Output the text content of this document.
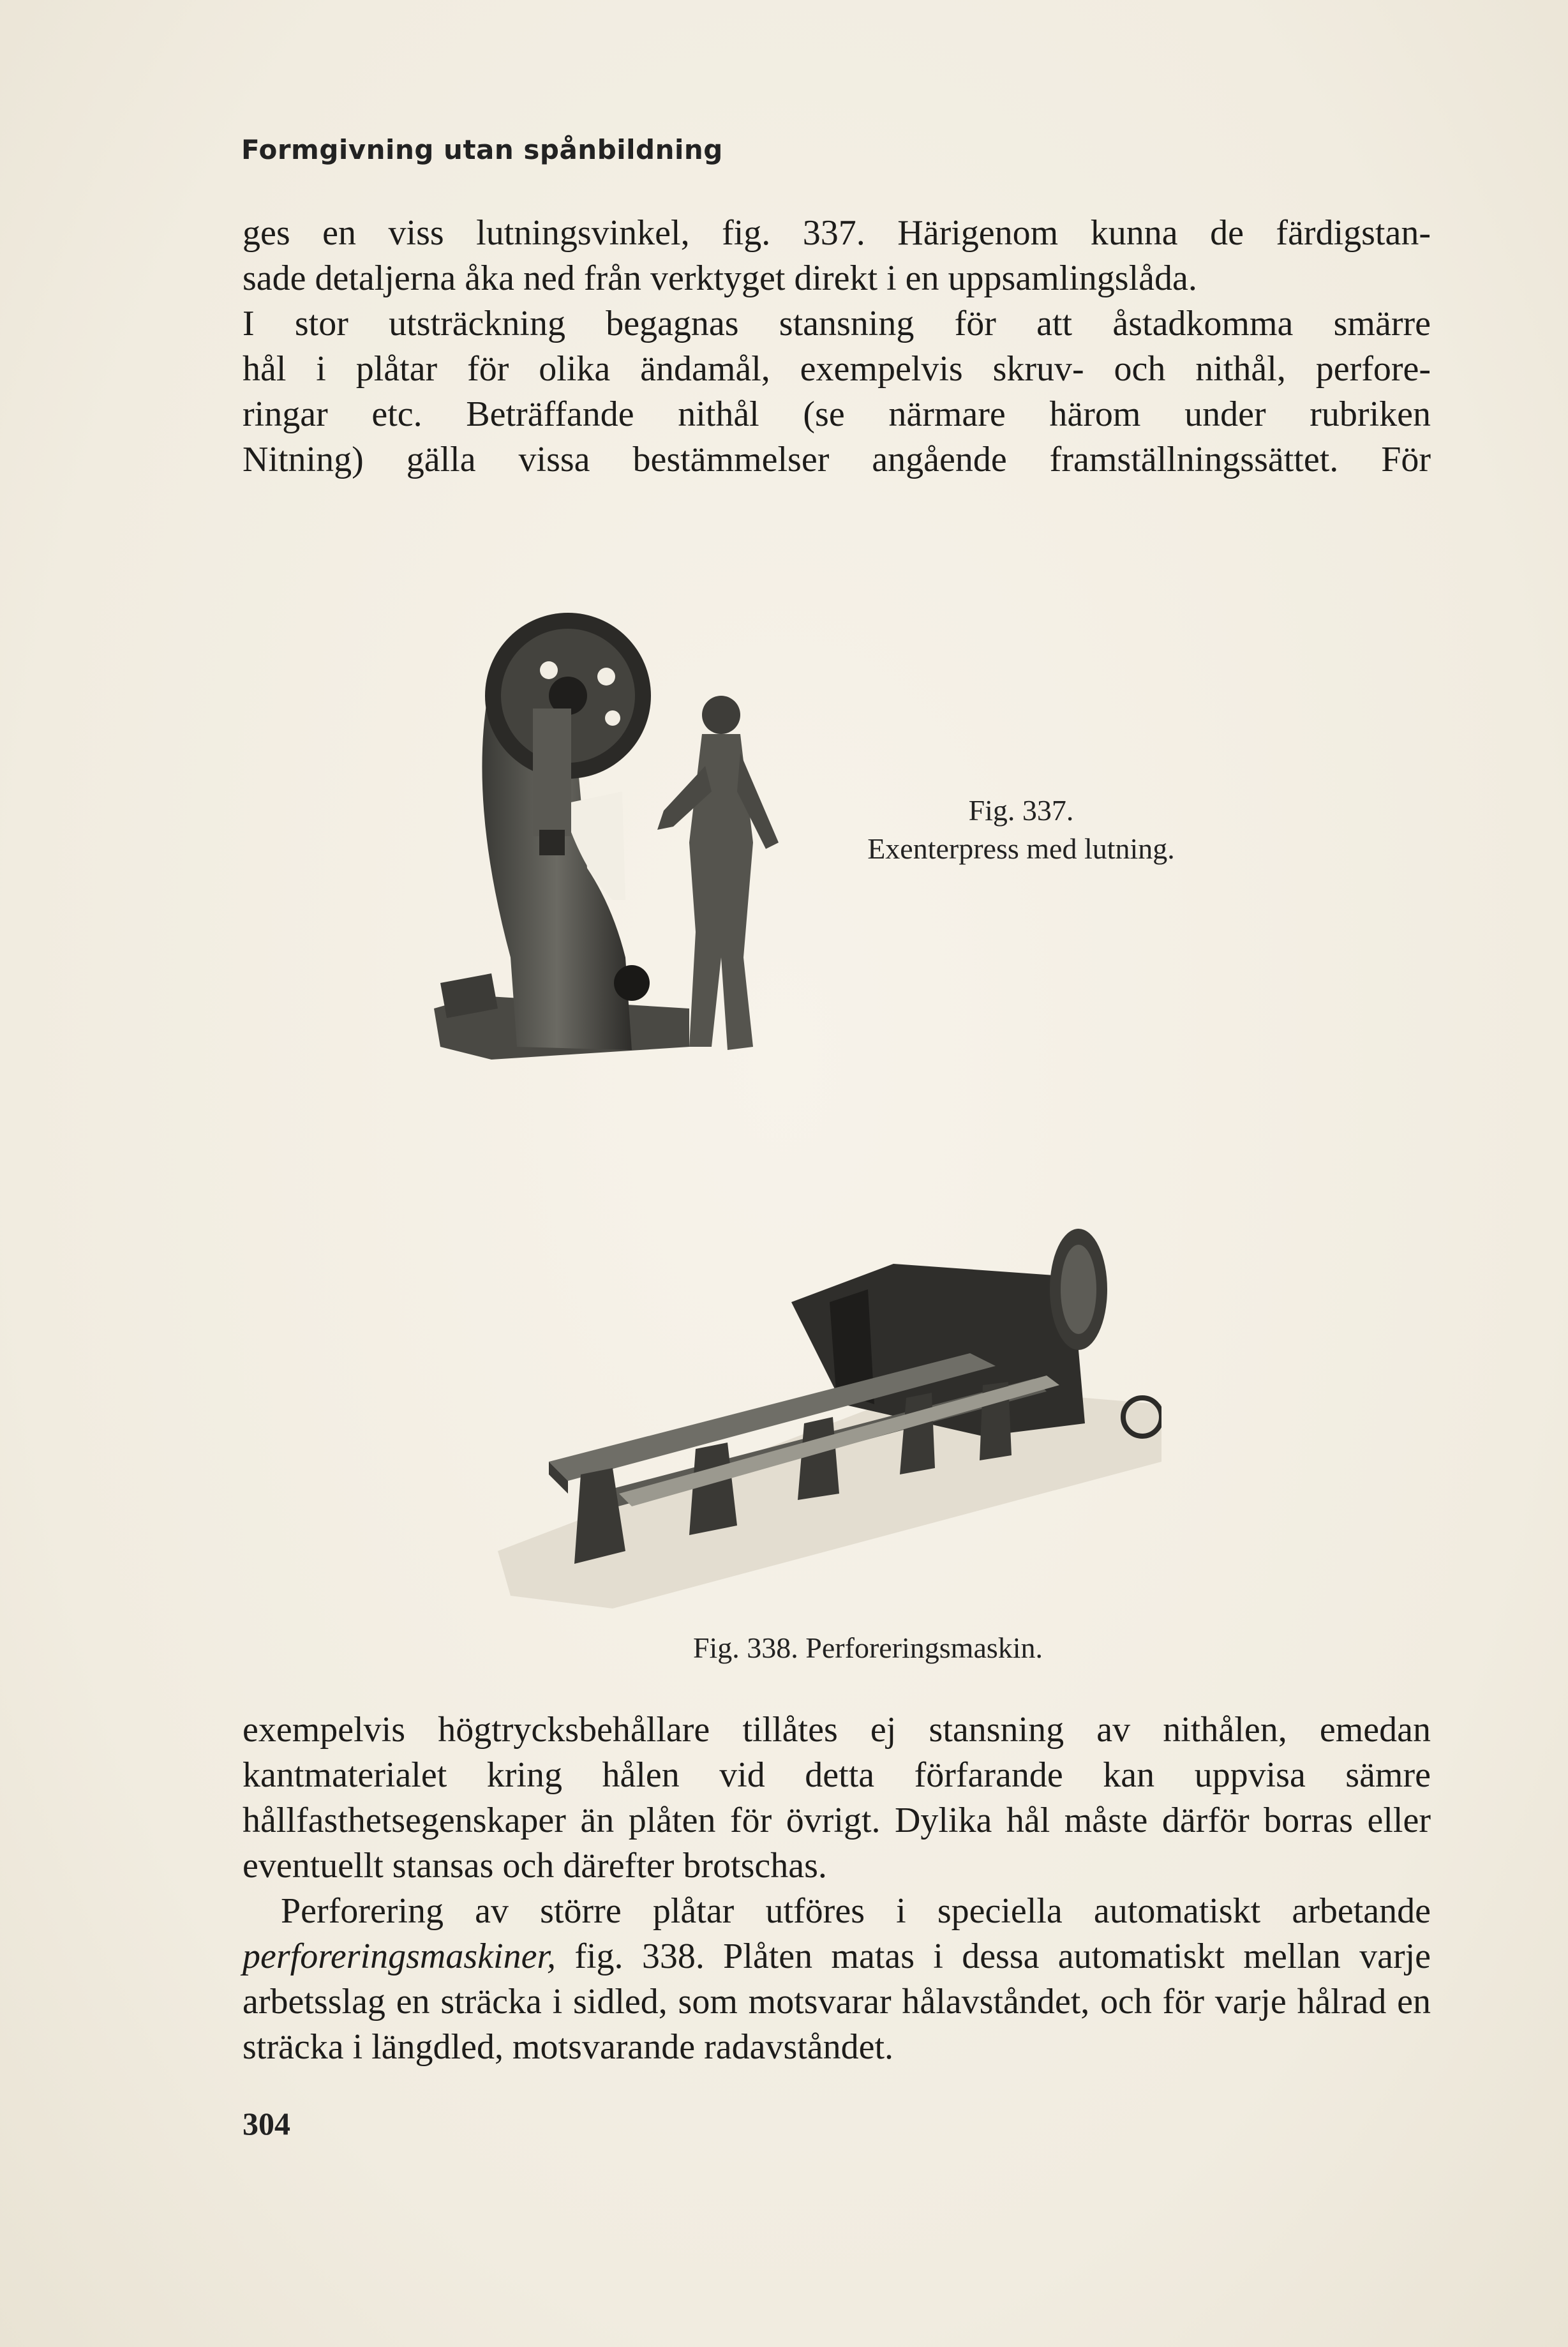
Formgivning utan spånbildning
ges en viss lutningsvinkel, fig. 337. Härigenom kunna de färdigstan-
sade detaljerna åka ned från verktyget direkt i en uppsamlingslåda.
I stor utsträckning begagnas stansning för att åstadkomma smärre
hål i plåtar för olika ändamål, exempelvis skruv- och nithål, perfore-
ringar etc. Beträffande nithål (se närmare härom under rubriken
Nitning) gälla vissa bestämmelser angående framställningssättet. För
Fig. 337.
Exenterpress med lutning.
Fig. 338. Perforeringsmaskin.
exempelvis högtrycksbehållare tillåtes ej stansning av nithålen, emedan kantmaterialet kring hålen vid detta förfarande kan uppvisa sämre hållfasthetsegenskaper än plåten för övrigt. Dylika hål måste därför borras eller eventuellt stansas och därefter brotschas.
Perforering av större plåtar utföres i speciella automatiskt arbetande perforeringsmaskiner, fig. 338. Plåten matas i dessa automatiskt mellan varje arbetsslag en sträcka i sidled, som motsvarar hålavståndet, och för varje hålrad en sträcka i längdled, motsvarande radavståndet.
304
